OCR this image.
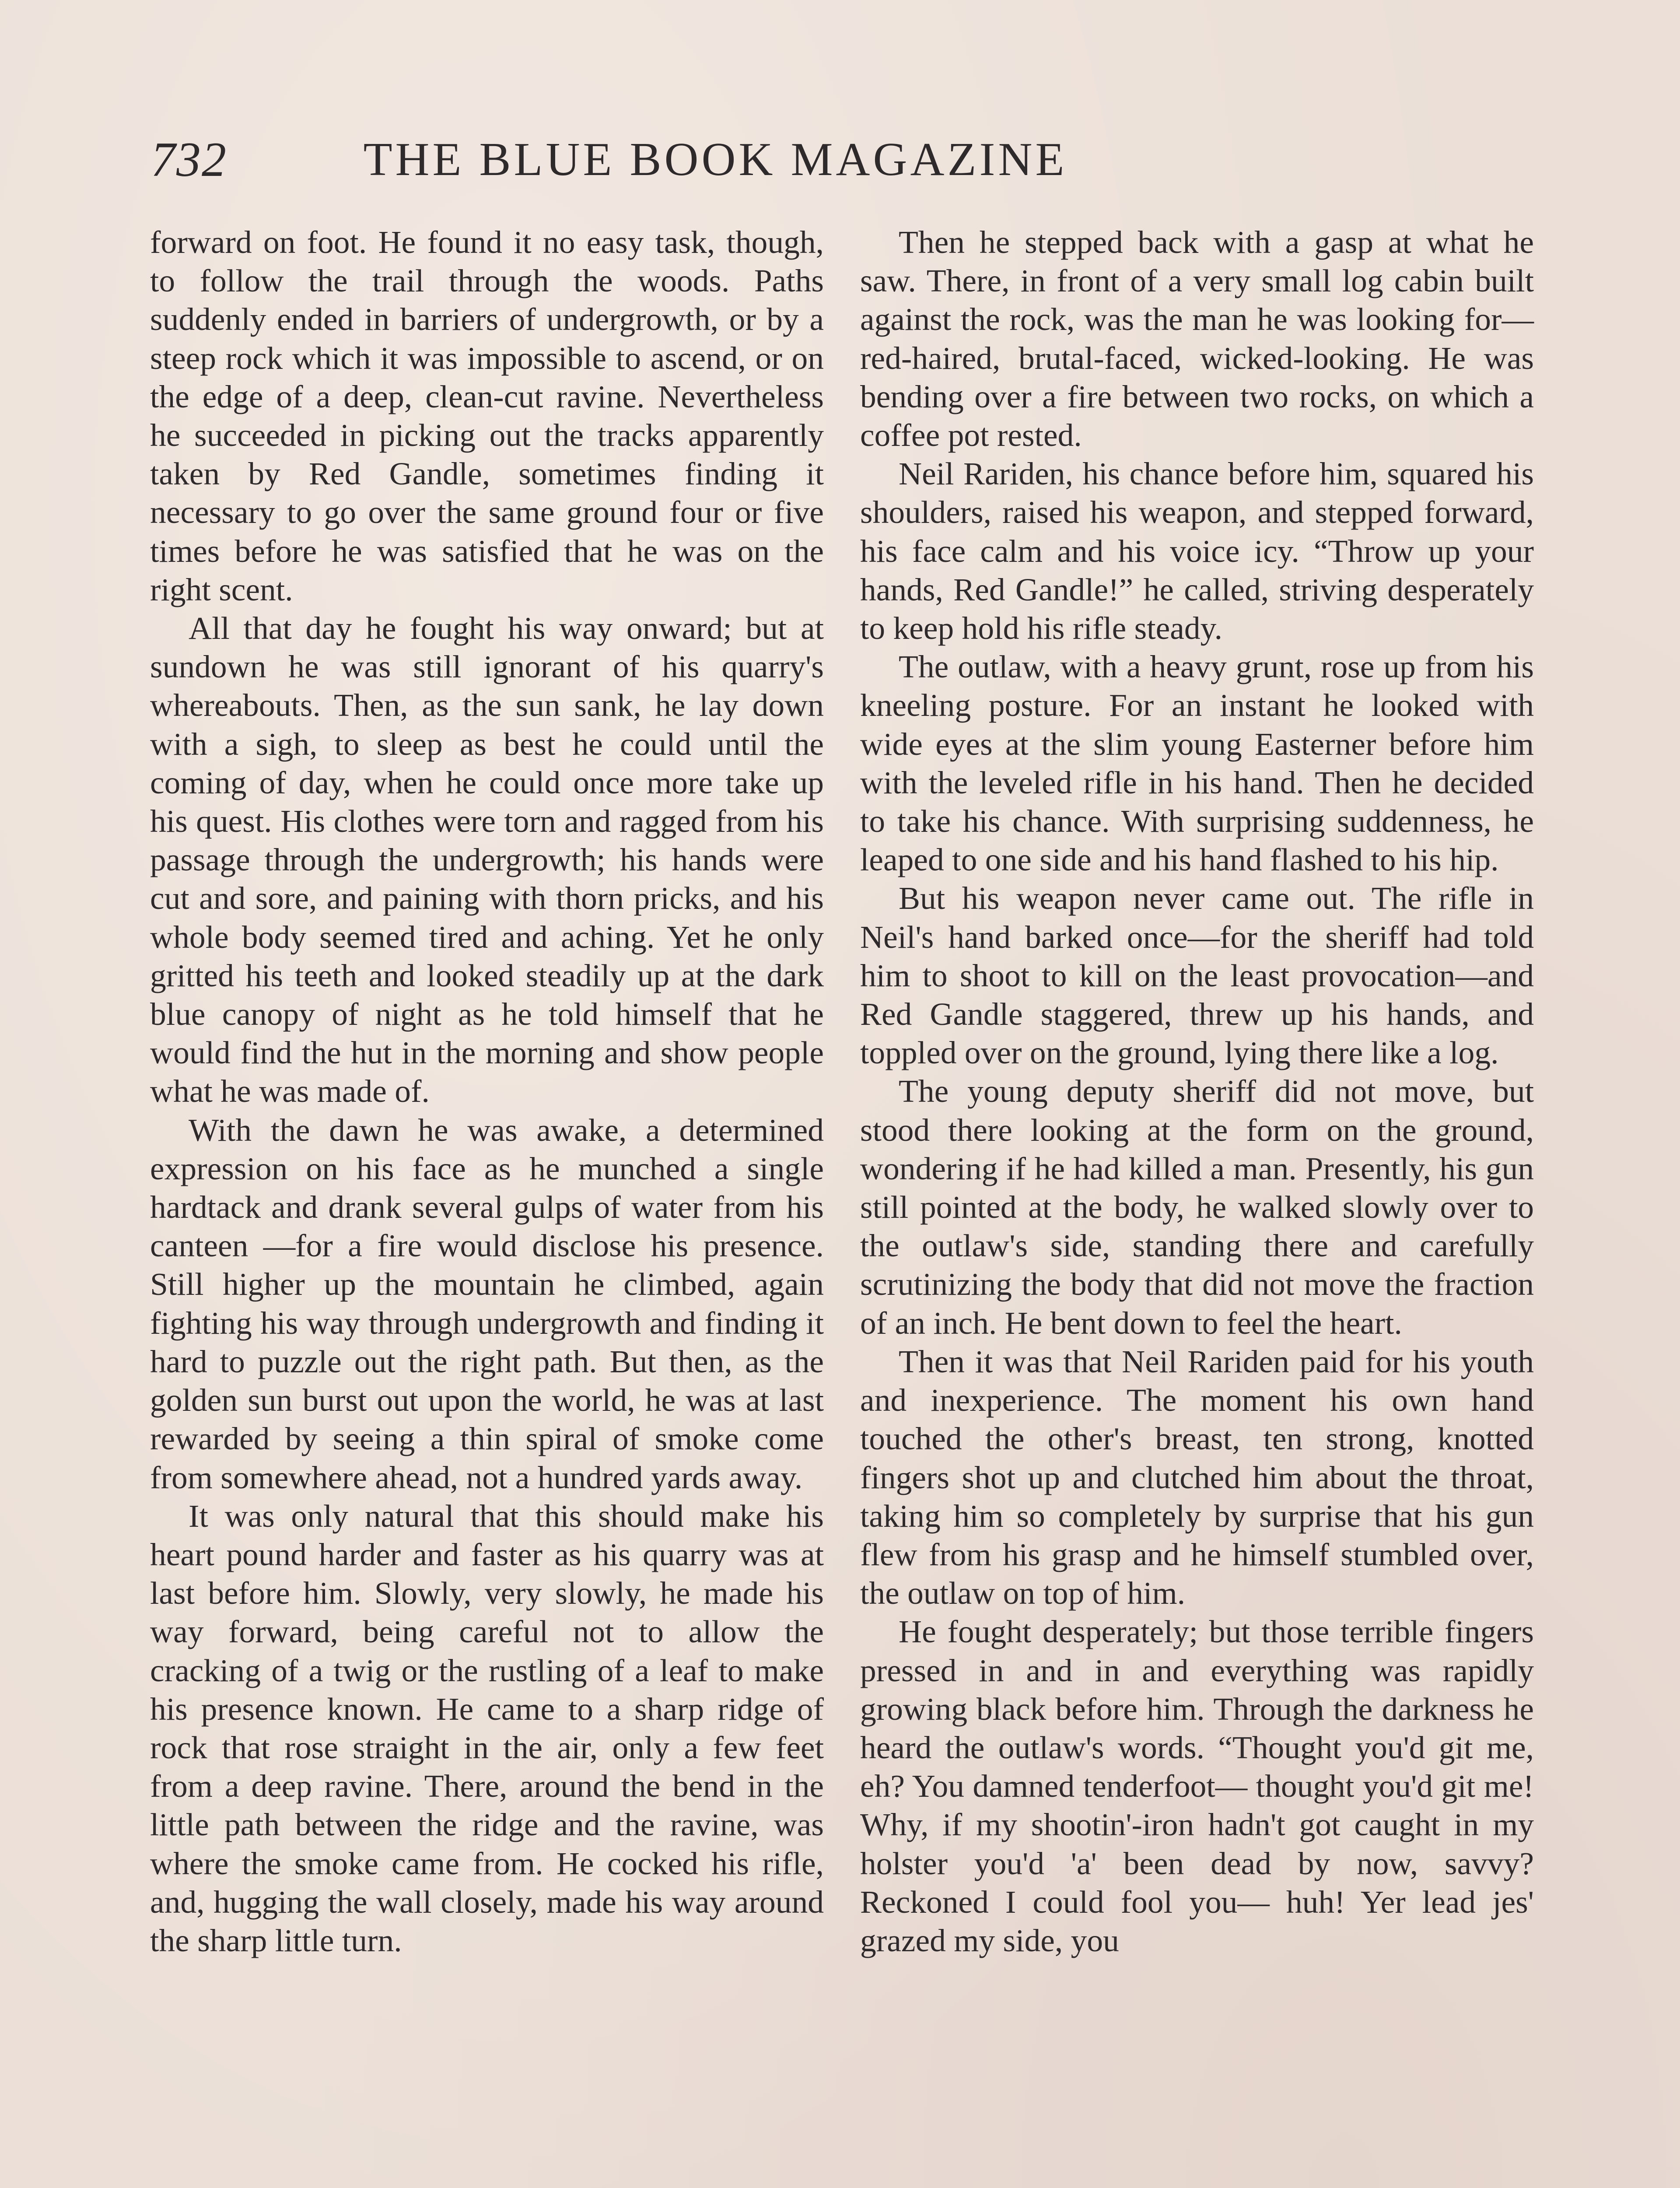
732	THE BLUE BOOK MAGAZINE

forward on foot. He found it no easy task, though, to follow the trail through the woods. Paths suddenly ended in barriers of undergrowth, or by a steep rock which it was impossible to ascend, or on the edge of a deep, clean-cut ravine. Nevertheless he succeeded in picking out the tracks apparently taken by Red Gandle, sometimes finding it necessary to go over the same ground four or five times before he was satisfied that he was on the right scent.

All that day he fought his way onward; but at sundown he was still ignorant of his quarry's whereabouts. Then, as the sun sank, he lay down with a sigh, to sleep as best he could until the coming of day, when he could once more take up his quest. His clothes were torn and ragged from his passage through the undergrowth; his hands were cut and sore, and paining with thorn pricks, and his whole body seemed tired and aching. Yet he only gritted his teeth and looked steadily up at the dark blue canopy of night as he told himself that he would find the hut in the morning and show people what he was made of.

With the dawn he was awake, a determined expression on his face as he munched a single hardtack and drank several gulps of water from his canteen —for a fire would disclose his presence. Still higher up the mountain he climbed, again fighting his way through undergrowth and finding it hard to puzzle out the right path. But then, as the golden sun burst out upon the world, he was at last rewarded by seeing a thin spiral of smoke come from somewhere ahead, not a hundred yards away.

It was only natural that this should make his heart pound harder and faster as his quarry was at last before him. Slowly, very slowly, he made his way forward, being careful not to allow the cracking of a twig or the rustling of a leaf to make his presence known. He came to a sharp ridge of rock that rose straight in the air, only a few feet from a deep ravine. There, around the bend in the little path between the ridge and the ravine, was where the smoke came from. He cocked his rifle, and, hugging the wall closely, made his way around the sharp little turn.

Then he stepped back with a gasp at what he saw. There, in front of a very small log cabin built against the rock, was the man he was looking for—red-haired, brutal-faced, wicked-looking. He was bending over a fire between two rocks, on which a coffee pot rested.

Neil Rariden, his chance before him, squared his shoulders, raised his weapon, and stepped forward, his face calm and his voice icy. “Throw up your hands, Red Gandle!” he called, striving desperately to keep hold his rifle steady.

The outlaw, with a heavy grunt, rose up from his kneeling posture. For an instant he looked with wide eyes at the slim young Easterner before him with the leveled rifle in his hand. Then he decided to take his chance. With surprising suddenness, he leaped to one side and his hand flashed to his hip.

But his weapon never came out. The rifle in Neil's hand barked once—for the sheriff had told him to shoot to kill on the least provocation—and Red Gandle staggered, threw up his hands, and toppled over on the ground, lying there like a log.

The young deputy sheriff did not move, but stood there looking at the form on the ground, wondering if he had killed a man. Presently, his gun still pointed at the body, he walked slowly over to the outlaw's side, standing there and carefully scrutinizing the body that did not move the fraction of an inch. He bent down to feel the heart.

Then it was that Neil Rariden paid for his youth and inexperience. The moment his own hand touched the other's breast, ten strong, knotted fingers shot up and clutched him about the throat, taking him so completely by surprise that his gun flew from his grasp and he himself stumbled over, the outlaw on top of him.

He fought desperately; but those terrible fingers pressed in and in and everything was rapidly growing black before him. Through the darkness he heard the outlaw's words. “Thought you'd git me, eh? You damned tenderfoot— thought you'd git me! Why, if my shootin'-iron hadn't got caught in my holster you'd 'a' been dead by now, savvy? Reckoned I could fool you— huh! Yer lead jes' grazed my side, you
